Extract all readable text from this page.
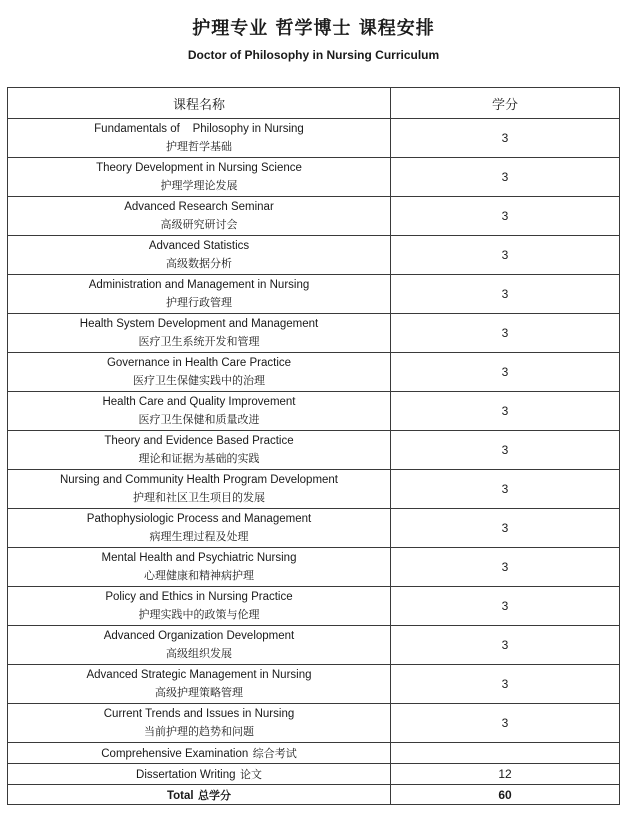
护理专业 哲学博士 课程安排
Doctor of Philosophy in Nursing Curriculum
课程名称	学分

Fundamentals of    Philosophy in Nursing
护理哲学基础	3

Theory Development in Nursing Science
护理学理论发展	3

Advanced Research Seminar
高级研究研讨会	3

Advanced Statistics
高级数据分析	3

Administration and Management in Nursing
护理行政管理	3

Health System Development and Management
医疗卫生系统开发和管理	3

Governance in Health Care Practice
医疗卫生保健实践中的治理	3

Health Care and Quality Improvement
医疗卫生保健和质量改进	3

Theory and Evidence Based Practice
理论和证据为基础的实践	3

Nursing and Community Health Program Development
护理和社区卫生项目的发展	3

Pathophysiologic Process and Management
病理生理过程及处理	3

Mental Health and Psychiatric Nursing
心理健康和精神病护理	3

Policy and Ethics in Nursing Practice
护理实践中的政策与伦理	3

Advanced Organization Development
高级组织发展	3

Advanced Strategic Management in Nursing
高级护理策略管理	3

Current Trends and Issues in Nursing
当前护理的趋势和问题	3
Comprehensive Examination 综合考试	
Dissertation Writing 论文	12
Total 总学分	60
